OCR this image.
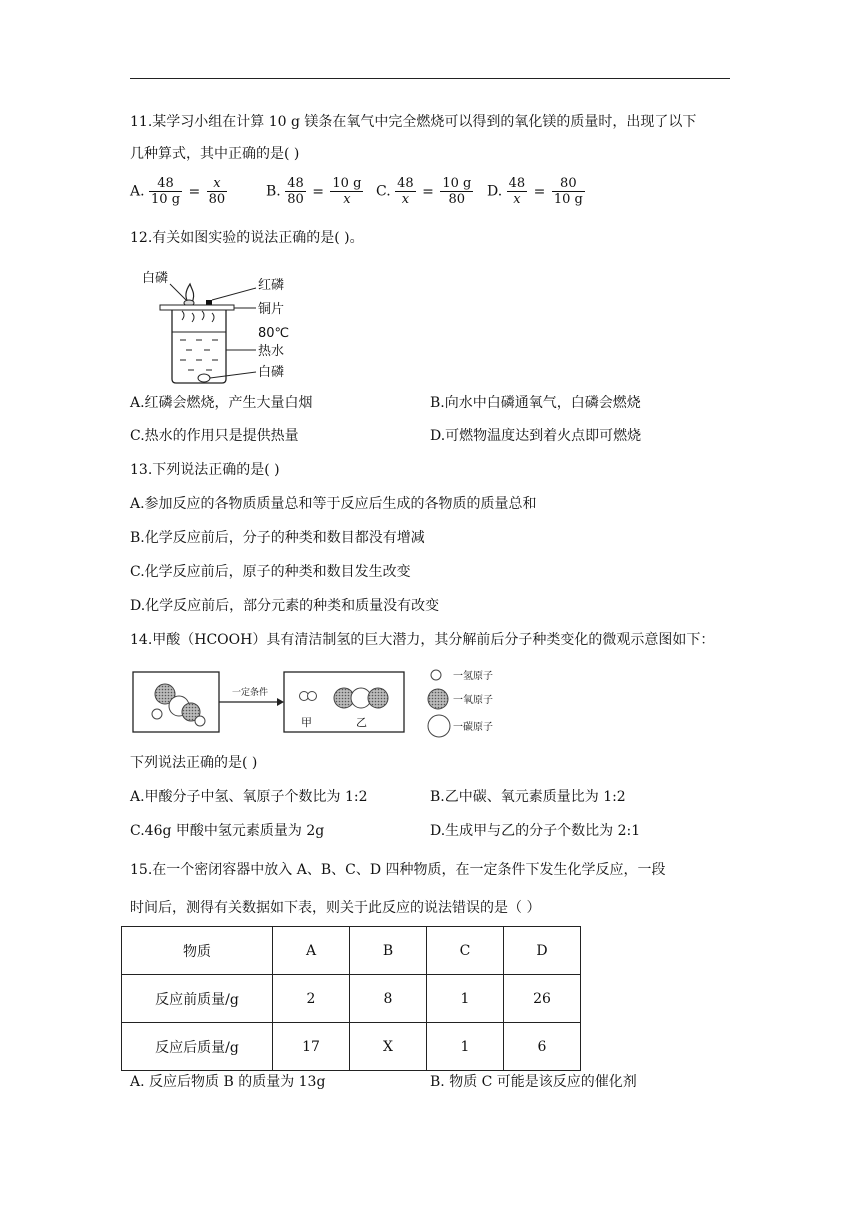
11.某学习小组在计算 10 g 镁条在氧气中完全燃烧可以得到的氧化镁的质量时，出现了以下
几种算式，其中正确的是( )
A. $\frac{48}{10 g} = \frac{x}{80}$	B. $\frac{48}{80} = \frac{10 g}{x} C$. $\frac{48}{x} = \frac{10 g}{80} D$. $\frac{48}{x} = \frac{80}{10 g}$
12.有关如图实验的说法正确的是( )。
白磷	红磷
铜片
80℃
热水
白磷
A.红磷会燃烧，产生大量白烟	B.向水中白磷通氧气，白磷会燃烧
C.热水的作用只是提供热量	D.可燃物温度达到着火点即可燃烧
13.下列说法正确的是( )
A.参加反应的各物质质量总和等于反应后生成的各物质的质量总和
B.化学反应前后，分子的种类和数目都没有增减
C.化学反应前后，原子的种类和数目发生改变
D.化学反应前后，部分元素的种类和质量没有改变
14.甲酸（HCOOH）具有清洁制氢的巨大潜力，其分解前后分子种类变化的微观示意图如下：
一定条件
甲	乙
一氢原子
一氧原子
一碳原子
下列说法正确的是( )
A.甲酸分子中氢、氧原子个数比为 1:2	B.乙中碳、氧元素质量比为 1:2
C.46g 甲酸中氢元素质量为 2g	D.生成甲与乙的分子个数比为 2:1
15.在一个密闭容器中放入 A、B、C、D 四种物质，在一定条件下发生化学反应，一段
时间后，测得有关数据如下表，则关于此反应的说法错误的是（ ）
物质	A	B	C	D
反应前质量/g	2	8	1	26
反应后质量/g	17	X	1	6
A. 反应后物质 B 的质量为 13g	B. 物质 C 可能是该反应的催化剂
